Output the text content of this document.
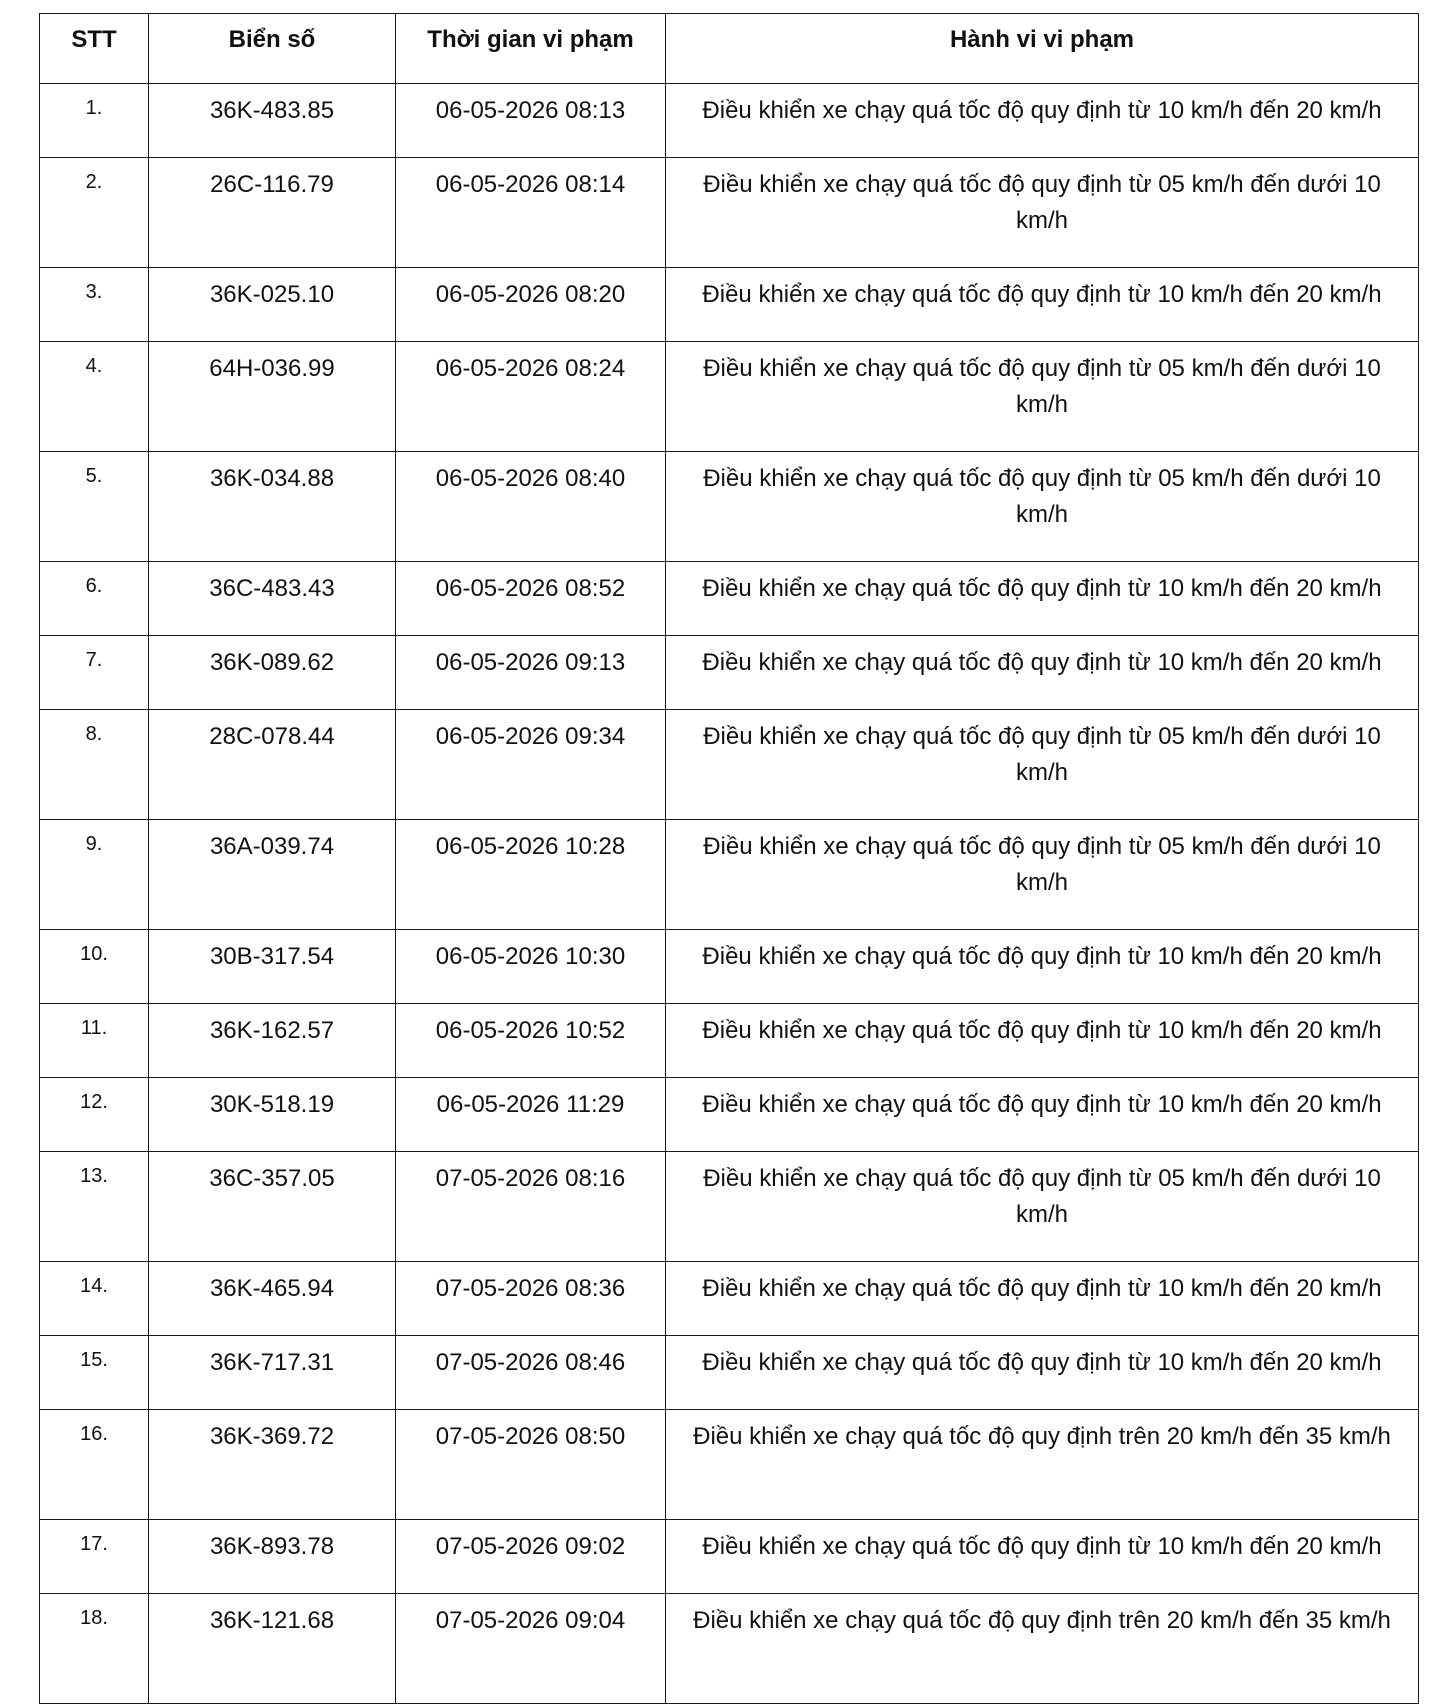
STT	Biển số	Thời gian vi phạm	Hành vi vi phạm
1.	36K-483.85	06-05-2026 08:13	Điều khiển xe chạy quá tốc độ quy định từ 10 km/h đến 20 km/h
2.	26C-116.79	06-05-2026 08:14	Điều khiển xe chạy quá tốc độ quy định từ 05 km/h đến dưới 10 km/h
3.	36K-025.10	06-05-2026 08:20	Điều khiển xe chạy quá tốc độ quy định từ 10 km/h đến 20 km/h
4.	64H-036.99	06-05-2026 08:24	Điều khiển xe chạy quá tốc độ quy định từ 05 km/h đến dưới 10 km/h
5.	36K-034.88	06-05-2026 08:40	Điều khiển xe chạy quá tốc độ quy định từ 05 km/h đến dưới 10 km/h
6.	36C-483.43	06-05-2026 08:52	Điều khiển xe chạy quá tốc độ quy định từ 10 km/h đến 20 km/h
7.	36K-089.62	06-05-2026 09:13	Điều khiển xe chạy quá tốc độ quy định từ 10 km/h đến 20 km/h
8.	28C-078.44	06-05-2026 09:34	Điều khiển xe chạy quá tốc độ quy định từ 05 km/h đến dưới 10 km/h
9.	36A-039.74	06-05-2026 10:28	Điều khiển xe chạy quá tốc độ quy định từ 05 km/h đến dưới 10 km/h
10.	30B-317.54	06-05-2026 10:30	Điều khiển xe chạy quá tốc độ quy định từ 10 km/h đến 20 km/h
11.	36K-162.57	06-05-2026 10:52	Điều khiển xe chạy quá tốc độ quy định từ 10 km/h đến 20 km/h
12.	30K-518.19	06-05-2026 11:29	Điều khiển xe chạy quá tốc độ quy định từ 10 km/h đến 20 km/h
13.	36C-357.05	07-05-2026 08:16	Điều khiển xe chạy quá tốc độ quy định từ 05 km/h đến dưới 10 km/h
14.	36K-465.94	07-05-2026 08:36	Điều khiển xe chạy quá tốc độ quy định từ 10 km/h đến 20 km/h
15.	36K-717.31	07-05-2026 08:46	Điều khiển xe chạy quá tốc độ quy định từ 10 km/h đến 20 km/h
16.	36K-369.72	07-05-2026 08:50	Điều khiển xe chạy quá tốc độ quy định trên 20 km/h đến 35 km/h
17.	36K-893.78	07-05-2026 09:02	Điều khiển xe chạy quá tốc độ quy định từ 10 km/h đến 20 km/h
18.	36K-121.68	07-05-2026 09:04	Điều khiển xe chạy quá tốc độ quy định trên 20 km/h đến 35 km/h
